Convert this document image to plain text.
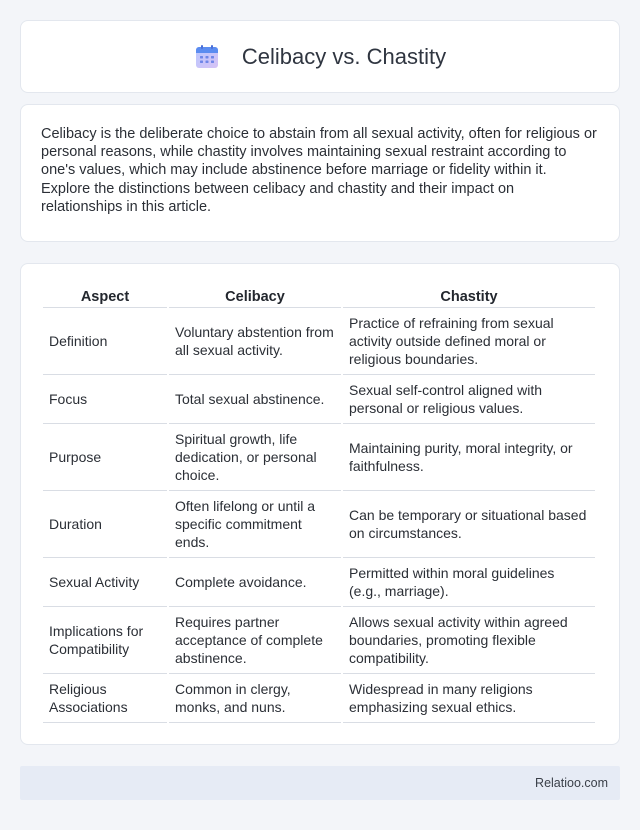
Celibacy vs. Chastity

Celibacy is the deliberate choice to abstain from all sexual activity, often for religious or personal reasons, while chastity involves maintaining sexual restraint according to one's values, which may include abstinence before marriage or fidelity within it. Explore the distinctions between celibacy and chastity and their impact on relationships in this article.

Aspect	Celibacy	Chastity
Definition	Voluntary abstention from all sexual activity.	Practice of refraining from sexual activity outside defined moral or religious boundaries.
Focus	Total sexual abstinence.	Sexual self-control aligned with personal or religious values.
Purpose	Spiritual growth, life dedication, or personal choice.	Maintaining purity, moral integrity, or faithfulness.
Duration	Often lifelong or until a specific commitment ends.	Can be temporary or situational based on circumstances.
Sexual Activity	Complete avoidance.	Permitted within moral guidelines (e.g., marriage).
Implications for Compatibility	Requires partner acceptance of complete abstinence.	Allows sexual activity within agreed boundaries, promoting flexible compatibility.
Religious Associations	Common in clergy, monks, and nuns.	Widespread in many religions emphasizing sexual ethics.
Relatioo.com
